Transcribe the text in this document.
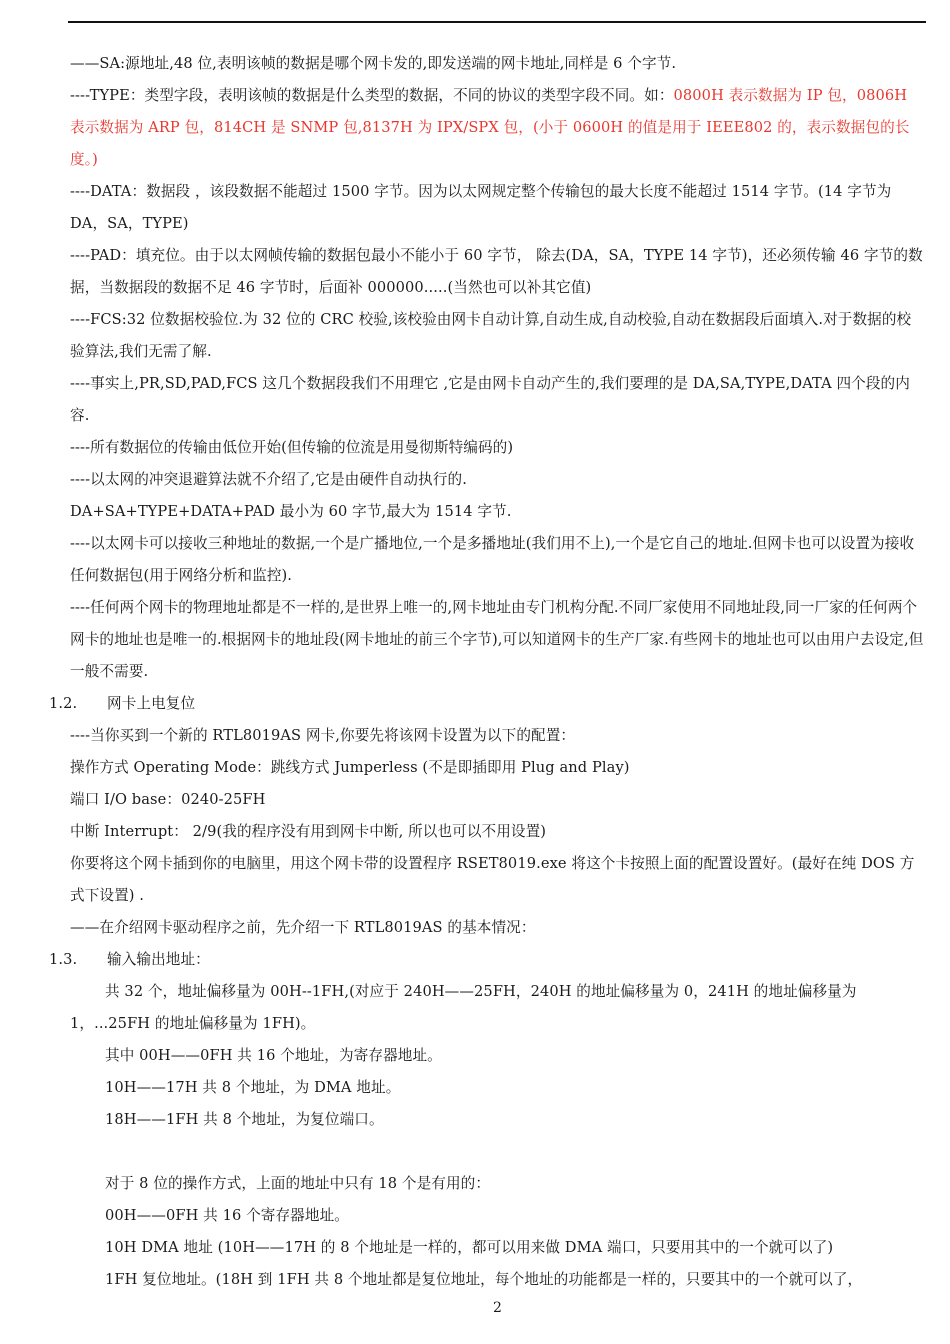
——SA:源地址,48 位,表明该帧的数据是哪个网卡发的,即发送端的网卡地址,同样是 6 个字节.

----TYPE：类型字段，表明该帧的数据是什么类型的数据，不同的协议的类型字段不同。如：0800H 表示数据为 IP 包，0806H 表示数据为 ARP 包，814CH 是 SNMP 包,8137H 为 IPX/SPX 包，(小于 0600H 的值是用于 IEEE802 的，表示数据包的长度。)

----DATA：数据段 ，该段数据不能超过 1500 字节。因为以太网规定整个传输包的最大长度不能超过 1514 字节。(14 字节为 DA，SA，TYPE)

----PAD：填充位。由于以太网帧传输的数据包最小不能小于 60 字节， 除去(DA，SA，TYPE 14 字节)，还必须传输 46 字节的数据，当数据段的数据不足 46 字节时，后面补 000000.....(当然也可以补其它值)

----FCS:32 位数据校验位.为 32 位的 CRC 校验,该校验由网卡自动计算,自动生成,自动校验,自动在数据段后面填入.对于数据的校验算法,我们无需了解.

----事实上,PR,SD,PAD,FCS 这几个数据段我们不用理它 ,它是由网卡自动产生的,我们要理的是 DA,SA,TYPE,DATA 四个段的内容.

----所有数据位的传输由低位开始(但传输的位流是用曼彻斯特编码的)

----以太网的冲突退避算法就不介绍了,它是由硬件自动执行的.

DA+SA+TYPE+DATA+PAD 最小为 60 字节,最大为 1514 字节.

----以太网卡可以接收三种地址的数据,一个是广播地位,一个是多播地址(我们用不上),一个是它自己的地址.但网卡也可以设置为接收任何数据包(用于网络分析和监控).

----任何两个网卡的物理地址都是不一样的,是世界上唯一的,网卡地址由专门机构分配.不同厂家使用不同地址段,同一厂家的任何两个网卡的地址也是唯一的.根据网卡的地址段(网卡地址的前三个字节),可以知道网卡的生产厂家.有些网卡的地址也可以由用户去设定,但一般不需要.

1.2. 网卡上电复位

----当你买到一个新的 RTL8019AS 网卡,你要先将该网卡设置为以下的配置：

操作方式 Operating Mode：跳线方式 Jumperless (不是即插即用 Plug and Play)

端口 I/O base：0240-25FH

中断 Interrupt： 2/9(我的程序没有用到网卡中断, 所以也可以不用设置)

你要将这个网卡插到你的电脑里，用这个网卡带的设置程序 RSET8019.exe 将这个卡按照上面的配置设置好。(最好在纯 DOS 方式下设置) .

——在介绍网卡驱动程序之前，先介绍一下 RTL8019AS 的基本情况：

1.3. 输入输出地址：

共 32 个，地址偏移量为 00H--1FH,(对应于 240H——25FH，240H 的地址偏移量为 0，241H 的地址偏移量为 1，...25FH 的地址偏移量为 1FH)。

其中 00H——0FH 共 16 个地址，为寄存器地址。

10H——17H 共 8 个地址，为 DMA 地址。

18H——1FH 共 8 个地址，为复位端口。

对于 8 位的操作方式，上面的地址中只有 18 个是有用的：

00H——0FH 共 16 个寄存器地址。

10H DMA 地址 (10H——17H 的 8 个地址是一样的，都可以用来做 DMA 端口，只要用其中的一个就可以了)

1FH 复位地址。(18H 到 1FH 共 8 个地址都是复位地址，每个地址的功能都是一样的，只要其中的一个就可以了，

2
